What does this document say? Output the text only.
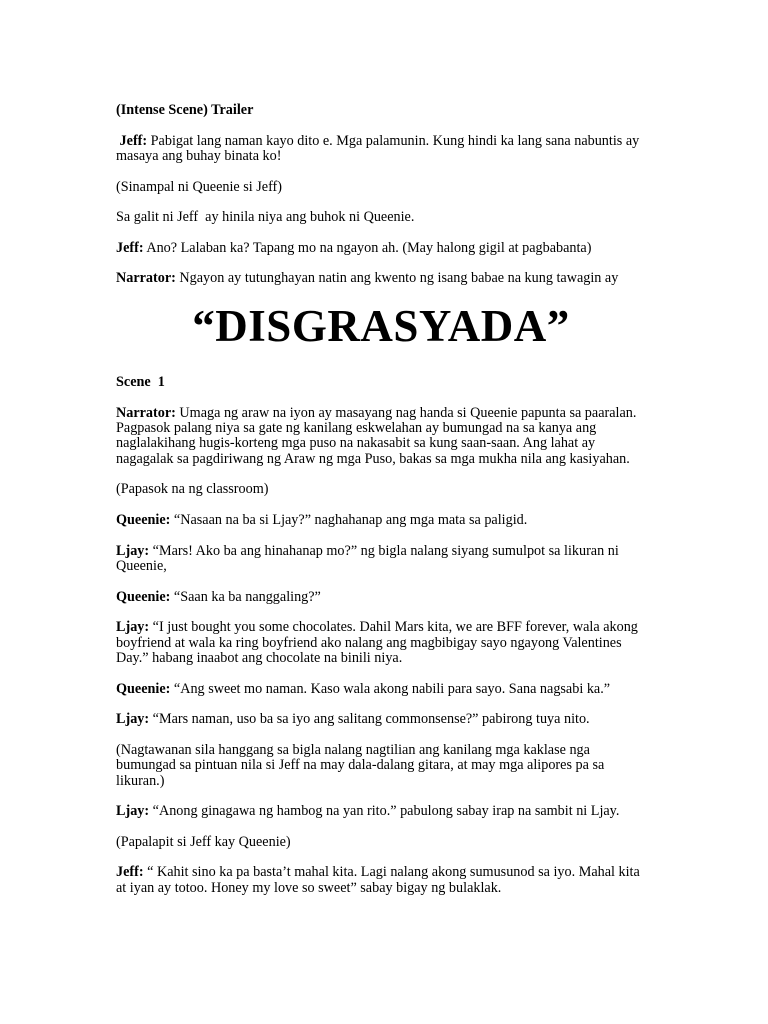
(Intense Scene) Trailer

Jeff: Pabigat lang naman kayo dito e. Mga palamunin. Kung hindi ka lang sana nabuntis ay masaya ang buhay binata ko!

(Sinampal ni Queenie si Jeff)

Sa galit ni Jeff  ay hinila niya ang buhok ni Queenie.

Jeff: Ano? Lalaban ka? Tapang mo na ngayon ah. (May halong gigil at pagbabanta)

Narrator: Ngayon ay tutunghayan natin ang kwento ng isang babae na kung tawagin ay

“DISGRASYADA”

Scene  1

Narrator: Umaga ng araw na iyon ay masayang nag handa si Queenie papunta sa paaralan. Pagpasok palang niya sa gate ng kanilang eskwelahan ay bumungad na sa kanya ang naglalakihang hugis-korteng mga puso na nakasabit sa kung saan-saan. Ang lahat ay nagagalak sa pagdiriwang ng Araw ng mga Puso, bakas sa mga mukha nila ang kasiyahan.

(Papasok na ng classroom)

Queenie: “Nasaan na ba si Ljay?” naghahanap ang mga mata sa paligid.

Ljay: “Mars! Ako ba ang hinahanap mo?” ng bigla nalang siyang sumulpot sa likuran ni Queenie,

Queenie: “Saan ka ba nanggaling?”

Ljay: “I just bought you some chocolates. Dahil Mars kita, we are BFF forever, wala akong boyfriend at wala ka ring boyfriend ako nalang ang magbibigay sayo ngayong Valentines Day.” habang inaabot ang chocolate na binili niya.

Queenie: “Ang sweet mo naman. Kaso wala akong nabili para sayo. Sana nagsabi ka.”

Ljay: “Mars naman, uso ba sa iyo ang salitang commonsense?” pabirong tuya nito.

(Nagtawanan sila hanggang sa bigla nalang nagtilian ang kanilang mga kaklase nga bumungad sa pintuan nila si Jeff na may dala-dalang gitara, at may mga alipores pa sa likuran.)

Ljay: “Anong ginagawa ng hambog na yan rito.” pabulong sabay irap na sambit ni Ljay.

(Papalapit si Jeff kay Queenie)

Jeff: “ Kahit sino ka pa basta’t mahal kita. Lagi nalang akong sumusunod sa iyo. Mahal kita at iyan ay totoo. Honey my love so sweet” sabay bigay ng bulaklak.
